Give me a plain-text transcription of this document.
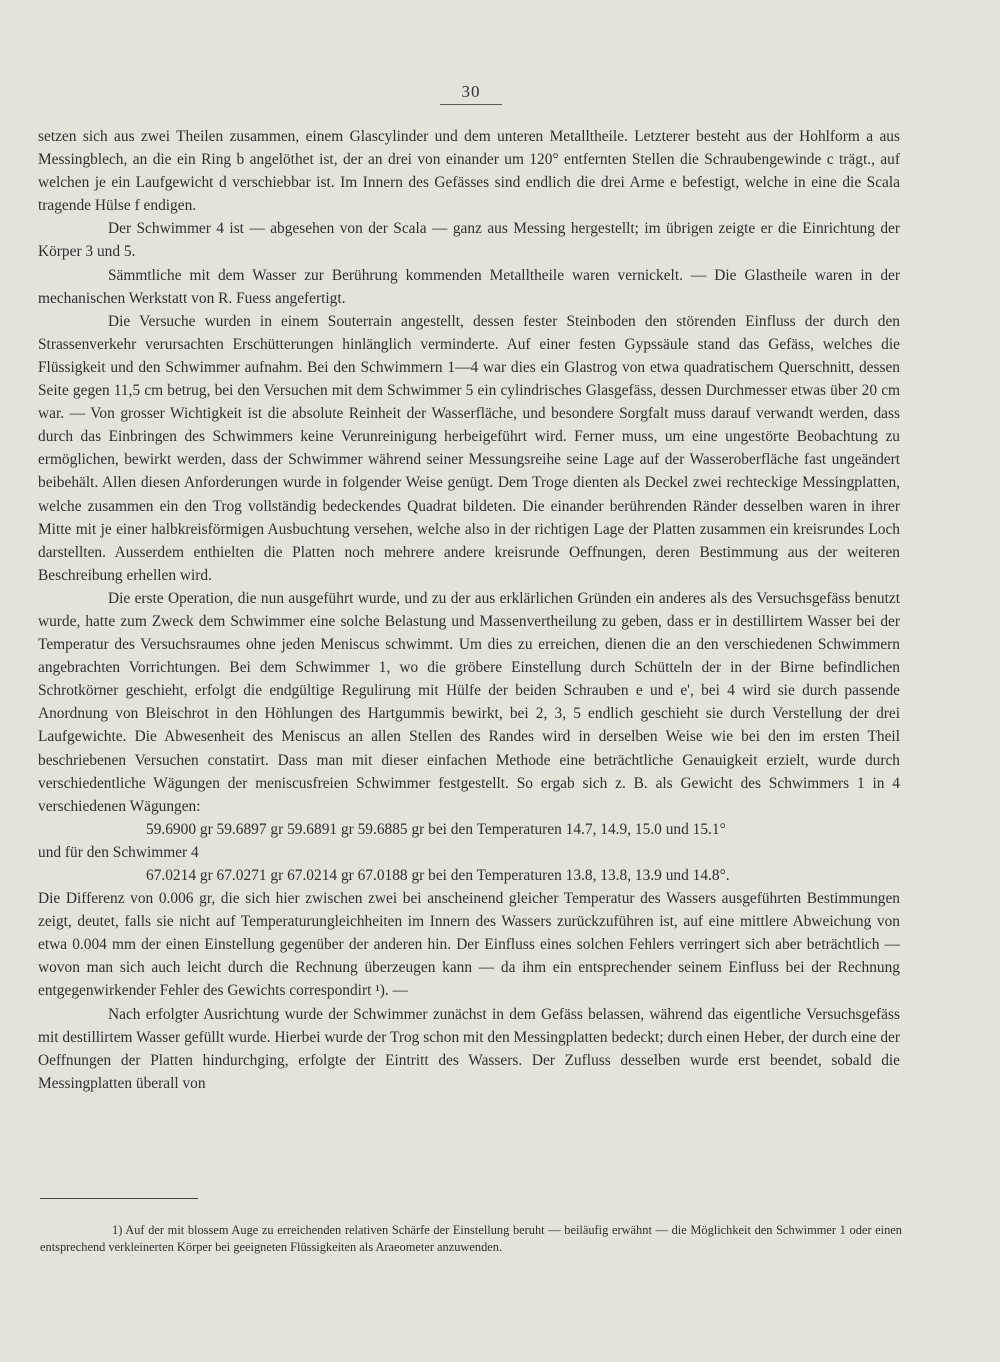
30

setzen sich aus zwei Theilen zusammen, einem Glascylinder und dem unteren Metalltheile. Letzterer besteht aus der Hohlform a aus Messingblech, an die ein Ring b angelöthet ist, der an drei von einander um 120° entfernten Stellen die Schraubengewinde c trägt., auf welchen je ein Laufgewicht d verschiebbar ist. Im Innern des Gefässes sind endlich die drei Arme e befestigt, welche in eine die Scala tragende Hülse f endigen.

Der Schwimmer 4 ist — abgesehen von der Scala — ganz aus Messing hergestellt; im übrigen zeigte er die Einrichtung der Körper 3 und 5.

Sämmtliche mit dem Wasser zur Berührung kommenden Metalltheile waren vernickelt. — Die Glastheile waren in der mechanischen Werkstatt von R. Fuess angefertigt.

Die Versuche wurden in einem Souterrain angestellt, dessen fester Steinboden den störenden Einfluss der durch den Strassenverkehr verursachten Erschütterungen hinlänglich verminderte. Auf einer festen Gypssäule stand das Gefäss, welches die Flüssigkeit und den Schwimmer aufnahm. Bei den Schwimmern 1—4 war dies ein Glastrog von etwa quadratischem Querschnitt, dessen Seite gegen 11,5 cm betrug, bei den Versuchen mit dem Schwimmer 5 ein cylindrisches Glasgefäss, dessen Durchmesser etwas über 20 cm war. — Von grosser Wichtigkeit ist die absolute Reinheit der Wasserfläche, und besondere Sorgfalt muss darauf verwandt werden, dass durch das Einbringen des Schwimmers keine Verunreinigung herbeigeführt wird. Ferner muss, um eine ungestörte Beobachtung zu ermöglichen, bewirkt werden, dass der Schwimmer während seiner Messungsreihe seine Lage auf der Wasseroberfläche fast ungeändert beibehält. Allen diesen Anforderungen wurde in folgender Weise genügt. Dem Troge dienten als Deckel zwei rechteckige Messingplatten, welche zusammen ein den Trog vollständig bedeckendes Quadrat bildeten. Die einander berührenden Ränder desselben waren in ihrer Mitte mit je einer halbkreisförmigen Ausbuchtung versehen, welche also in der richtigen Lage der Platten zusammen ein kreisrundes Loch darstellten. Ausserdem enthielten die Platten noch mehrere andere kreisrunde Oeffnungen, deren Bestimmung aus der weiteren Beschreibung erhellen wird.

Die erste Operation, die nun ausgeführt wurde, und zu der aus erklärlichen Gründen ein anderes als des Versuchsgefäss benutzt wurde, hatte zum Zweck dem Schwimmer eine solche Belastung und Massenvertheilung zu geben, dass er in destillirtem Wasser bei der Temperatur des Versuchsraumes ohne jeden Meniscus schwimmt. Um dies zu erreichen, dienen die an den verschiedenen Schwimmern angebrachten Vorrichtungen. Bei dem Schwimmer 1, wo die gröbere Einstellung durch Schütteln der in der Birne befindlichen Schrotkörner geschieht, erfolgt die endgültige Regulirung mit Hülfe der beiden Schrauben e und e', bei 4 wird sie durch passende Anordnung von Bleischrot in den Höhlungen des Hartgummis bewirkt, bei 2, 3, 5 endlich geschieht sie durch Verstellung der drei Laufgewichte. Die Abwesenheit des Meniscus an allen Stellen des Randes wird in derselben Weise wie bei den im ersten Theil beschriebenen Versuchen constatirt. Dass man mit dieser einfachen Methode eine beträchtliche Genauigkeit erzielt, wurde durch verschiedentliche Wägungen der meniscusfreien Schwimmer festgestellt. So ergab sich z. B. als Gewicht des Schwimmers 1 in 4 verschiedenen Wägungen:

59.6900 gr 59.6897 gr 59.6891 gr 59.6885 gr bei den Temperaturen 14.7, 14.9, 15.0 und 15.1°

und für den Schwimmer 4

67.0214 gr 67.0271 gr 67.0214 gr 67.0188 gr bei den Temperaturen 13.8, 13.8, 13.9 und 14.8°.

Die Differenz von 0.006 gr, die sich hier zwischen zwei bei anscheinend gleicher Temperatur des Wassers ausgeführten Bestimmungen zeigt, deutet, falls sie nicht auf Temperaturungleichheiten im Innern des Wassers zurückzuführen ist, auf eine mittlere Abweichung von etwa 0.004 mm der einen Einstellung gegenüber der anderen hin. Der Einfluss eines solchen Fehlers verringert sich aber beträchtlich — wovon man sich auch leicht durch die Rechnung überzeugen kann — da ihm ein entsprechender seinem Einfluss bei der Rechnung entgegenwirkender Fehler des Gewichts correspondirt ¹). —

Nach erfolgter Ausrichtung wurde der Schwimmer zunächst in dem Gefäss belassen, während das eigentliche Versuchsgefäss mit destillirtem Wasser gefüllt wurde. Hierbei wurde der Trog schon mit den Messingplatten bedeckt; durch einen Heber, der durch eine der Oeffnungen der Platten hindurchging, erfolgte der Eintritt des Wassers. Der Zufluss desselben wurde erst beendet, sobald die Messingplatten überall von

1) Auf der mit blossem Auge zu erreichenden relativen Schärfe der Einstellung beruht — beiläufig erwähnt — die Möglichkeit den Schwimmer 1 oder einen entsprechend verkleinerten Körper bei geeigneten Flüssigkeiten als Araeometer anzuwenden.
